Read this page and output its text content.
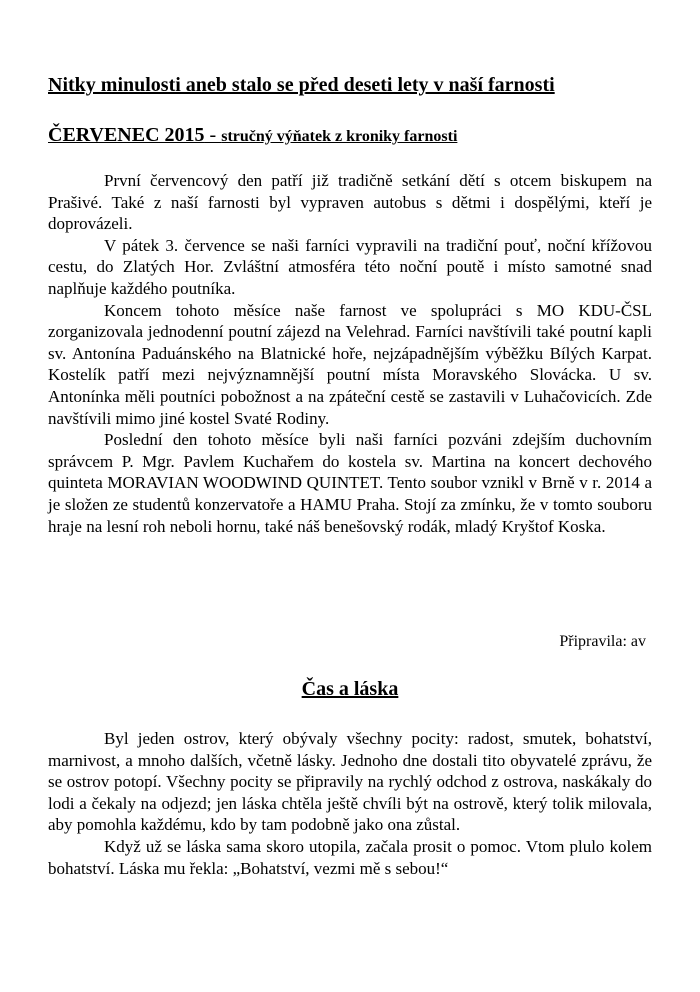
Nitky minulosti aneb stalo se před deseti lety v naší farnosti
ČERVENEC 2015 - stručný výňatek z kroniky farnosti

První červencový den patří již tradičně setkání dětí s otcem biskupem na Prašivé. Také z naší farnosti byl vypraven autobus s dětmi i dospělými, kteří je doprovázeli.

V pátek 3. července se naši farníci vypravili na tradiční pouť, noční křížovou cestu, do Zlatých Hor. Zvláštní atmosféra této noční poutě i místo samotné snad naplňuje každého poutníka.

Koncem tohoto měsíce naše farnost ve spolupráci s MO KDU-ČSL zorganizovala jednodenní poutní zájezd na Velehrad. Farníci navštívili také poutní kapli sv. Antonína Paduánského na Blatnické hoře, nejzápadnějším výběžku Bílých Karpat. Kostelík patří mezi nejvýznamnější poutní místa Moravského Slovácka. U sv. Antonínka měli poutníci pobožnost a na zpáteční cestě se zastavili v Luhačovicích. Zde navštívili mimo jiné kostel Svaté Rodiny.

Poslední den tohoto měsíce byli naši farníci pozváni zdejším duchovním správcem P. Mgr. Pavlem Kuchařem do kostela sv. Martina na koncert dechového quinteta MORAVIAN WOODWIND QUINTET. Tento soubor vznikl v Brně v r. 2014 a je složen ze studentů konzervatoře a HAMU Praha. Stojí za zmínku, že v tomto souboru hraje na lesní roh neboli hornu, také náš benešovský rodák, mladý Kryštof Koska.

Připravila: av
Čas a láska

Byl jeden ostrov, který obývaly všechny pocity: radost, smutek, bohatství, marnivost, a mnoho dalších, včetně lásky. Jednoho dne dostali tito obyvatelé zprávu, že se ostrov potopí. Všechny pocity se připravily na rychlý odchod z ostrova, naskákaly do lodi a čekaly na odjezd; jen láska chtěla ještě chvíli být na ostrově, který tolik milovala, aby pomohla každému, kdo by tam podobně jako ona zůstal.

Když už se láska sama skoro utopila, začala prosit o pomoc. Vtom plulo kolem bohatství. Láska mu řekla: „Bohatství, vezmi mě s sebou!“
